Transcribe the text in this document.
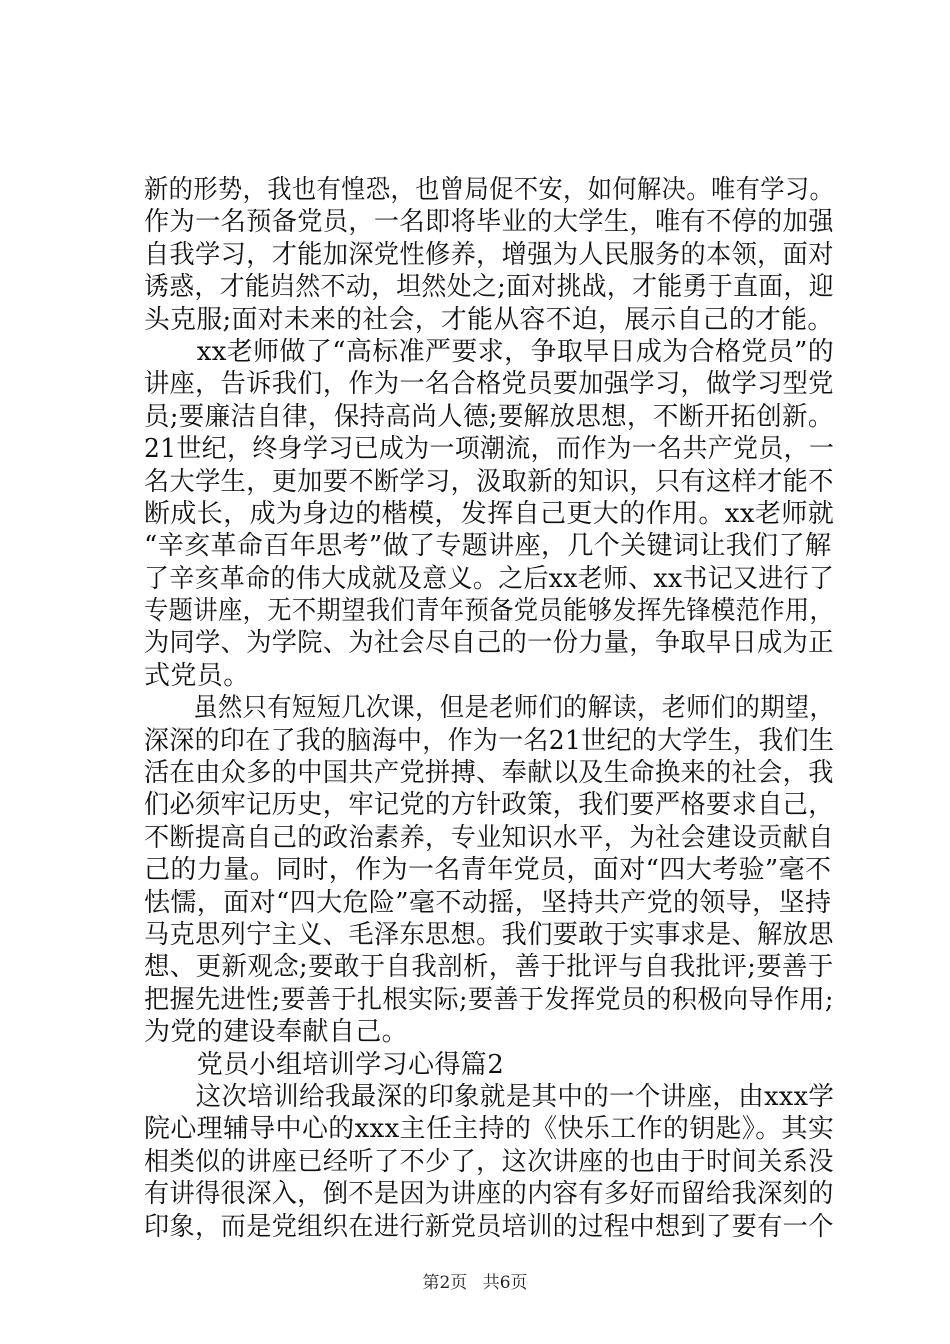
新的形势，我也有惶恐，也曾局促不安，如何解决。唯有学习。
作为一名预备党员，一名即将毕业的大学生，唯有不停的加强
自我学习，才能加深党性修养，增强为人民服务的本领，面对
诱惑，才能岿然不动，坦然处之;面对挑战，才能勇于直面，迎
头克服;面对未来的社会，才能从容不迫，展示自己的才能。
　　xx老师做了“高标准严要求，争取早日成为合格党员”的
讲座，告诉我们，作为一名合格党员要加强学习，做学习型党
员;要廉洁自律，保持高尚人德;要解放思想，不断开拓创新。
21世纪，终身学习已成为一项潮流，而作为一名共产党员，一
名大学生，更加要不断学习，汲取新的知识，只有这样才能不
断成长，成为身边的楷模，发挥自己更大的作用。xx老师就
“辛亥革命百年思考”做了专题讲座，几个关键词让我们了解
了辛亥革命的伟大成就及意义。之后xx老师、xx书记又进行了
专题讲座，无不期望我们青年预备党员能够发挥先锋模范作用，
为同学、为学院、为社会尽自己的一份力量，争取早日成为正
式党员。
　　虽然只有短短几次课，但是老师们的解读，老师们的期望，
深深的印在了我的脑海中，作为一名21世纪的大学生，我们生
活在由众多的中国共产党拼搏、奉献以及生命换来的社会，我
们必须牢记历史，牢记党的方针政策，我们要严格要求自己，
不断提高自己的政治素养，专业知识水平，为社会建设贡献自
己的力量。同时，作为一名青年党员，面对“四大考验”毫不
怯懦，面对“四大危险”毫不动摇，坚持共产党的领导，坚持
马克思列宁主义、毛泽东思想。我们要敢于实事求是、解放思
想、更新观念;要敢于自我剖析，善于批评与自我批评;要善于
把握先进性;要善于扎根实际;要善于发挥党员的积极向导作用;
为党的建设奉献自己。
　　党员小组培训学习心得篇2
　　这次培训给我最深的印象就是其中的一个讲座，由xxx学
院心理辅导中心的xxx主任主持的《快乐工作的钥匙》。其实
相类似的讲座已经听了不少了，这次讲座的也由于时间关系没
有讲得很深入，倒不是因为讲座的内容有多好而留给我深刻的
印象，而是党组织在进行新党员培训的过程中想到了要有一个
第2页 共6页
